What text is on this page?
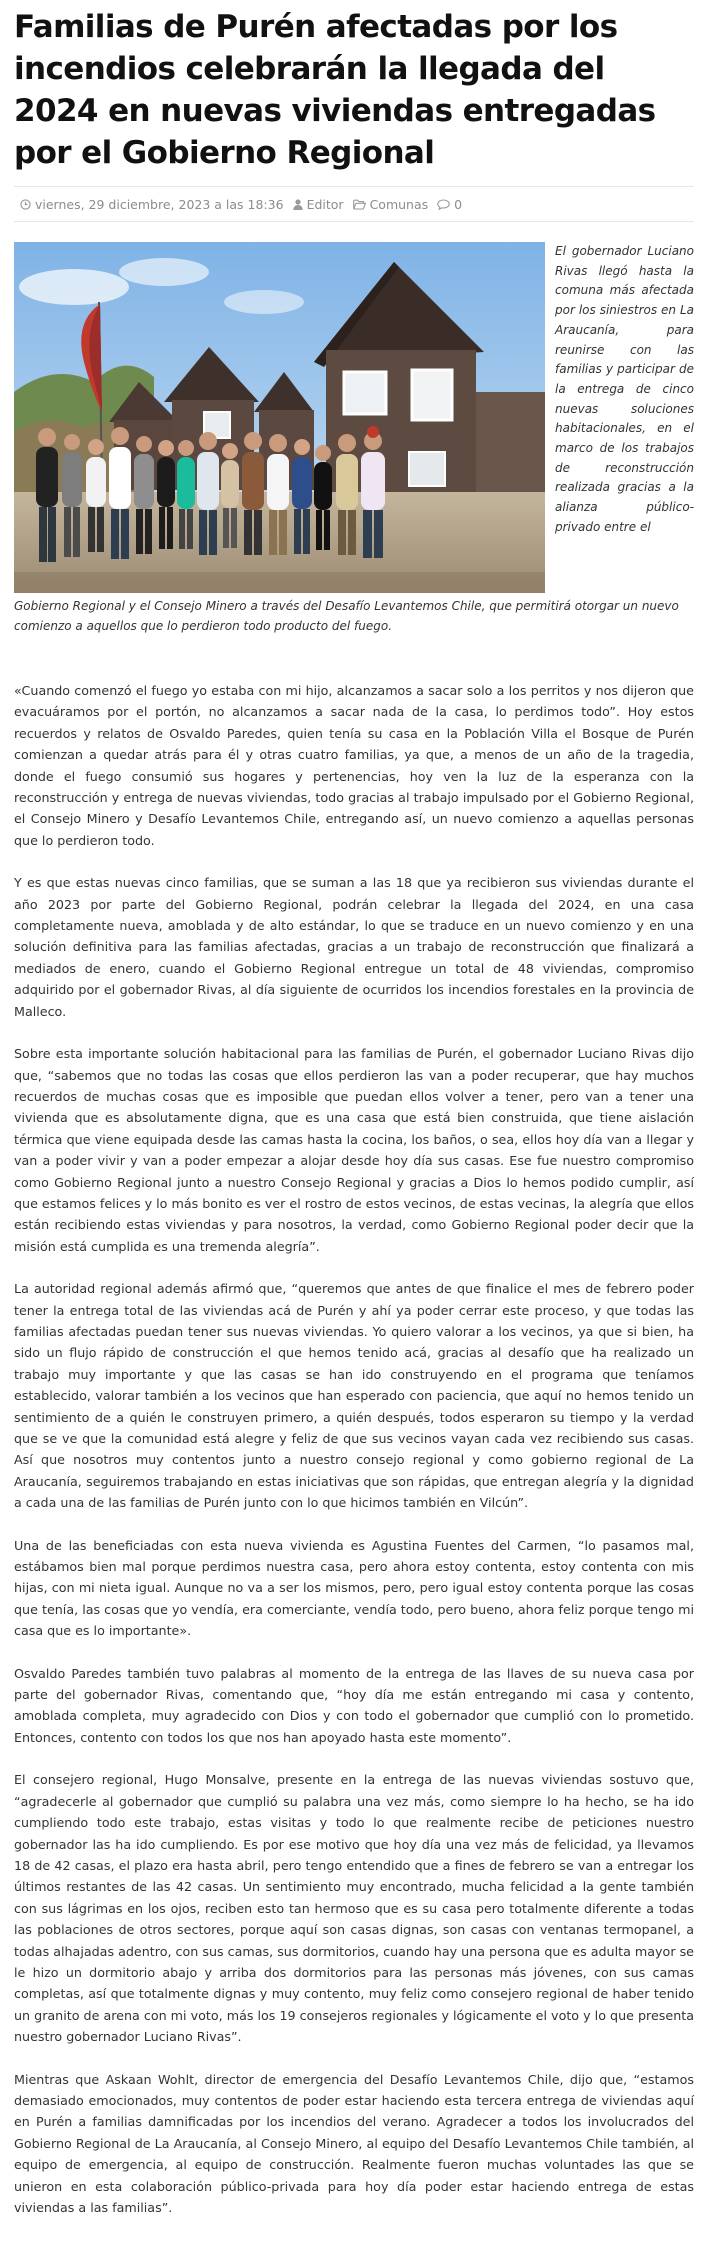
Familias de Purén afectadas por los incendios celebrarán la llegada del 2024 en nuevas viviendas entregadas por el Gobierno Regional
viernes, 29 diciembre, 2023 a las 18:36 Editor Comunas 0
El gobernador Luciano Rivas llegó hasta la comuna más afectada por los siniestros en La Araucanía, para reunirse con las familias y participar de la entrega de cinco nuevas soluciones habitacionales, en el marco de los trabajos de reconstrucción realizada gracias a la alianza público-privado entre el
Gobierno Regional y el Consejo Minero a través del Desafío Levantemos Chile, que permitirá otorgar un nuevo comienzo a aquellos que lo perdieron todo producto del fuego.

«Cuando comenzó el fuego yo estaba con mi hijo, alcanzamos a sacar solo a los perritos y nos dijeron que evacuáramos por el portón, no alcanzamos a sacar nada de la casa, lo perdimos todo”. Hoy estos recuerdos y relatos de Osvaldo Paredes, quien tenía su casa en la Población Villa el Bosque de Purén comienzan a quedar atrás para él y otras cuatro familias, ya que, a menos de un año de la tragedia, donde el fuego consumió sus hogares y pertenencias, hoy ven la luz de la esperanza con la reconstrucción y entrega de nuevas viviendas, todo gracias al trabajo impulsado por el Gobierno Regional, el Consejo Minero y Desafío Levantemos Chile, entregando así, un nuevo comienzo a aquellas personas que lo perdieron todo.

Y es que estas nuevas cinco familias, que se suman a las 18 que ya recibieron sus viviendas durante el año 2023 por parte del Gobierno Regional, podrán celebrar la llegada del 2024, en una casa completamente nueva, amoblada y de alto estándar, lo que se traduce en un nuevo comienzo y en una solución definitiva para las familias afectadas, gracias a un trabajo de reconstrucción que finalizará a mediados de enero, cuando el Gobierno Regional entregue un total de 48 viviendas, compromiso adquirido por el gobernador Rivas, al día siguiente de ocurridos los incendios forestales en la provincia de Malleco.

Sobre esta importante solución habitacional para las familias de Purén, el gobernador Luciano Rivas dijo que, “sabemos que no todas las cosas que ellos perdieron las van a poder recuperar, que hay muchos recuerdos de muchas cosas que es imposible que puedan ellos volver a tener, pero van a tener una vivienda que es absolutamente digna, que es una casa que está bien construida, que tiene aislación térmica que viene equipada desde las camas hasta la cocina, los baños, o sea, ellos hoy día van a llegar y van a poder vivir y van a poder empezar a alojar desde hoy día sus casas. Ese fue nuestro compromiso como Gobierno Regional junto a nuestro Consejo Regional y gracias a Dios lo hemos podido cumplir, así que estamos felices y lo más bonito es ver el rostro de estos vecinos, de estas vecinas, la alegría que ellos están recibiendo estas viviendas y para nosotros, la verdad, como Gobierno Regional poder decir que la misión está cumplida es una tremenda alegría”.

La autoridad regional además afirmó que, “queremos que antes de que finalice el mes de febrero poder tener la entrega total de las viviendas acá de Purén y ahí ya poder cerrar este proceso, y que todas las familias afectadas puedan tener sus nuevas viviendas. Yo quiero valorar a los vecinos, ya que si bien, ha sido un flujo rápido de construcción el que hemos tenido acá, gracias al desafío que ha realizado un trabajo muy importante y que las casas se han ido construyendo en el programa que teníamos establecido, valorar también a los vecinos que han esperado con paciencia, que aquí no hemos tenido un sentimiento de a quién le construyen primero, a quién después, todos esperaron su tiempo y la verdad que se ve que la comunidad está alegre y feliz de que sus vecinos vayan cada vez recibiendo sus casas. Así que nosotros muy contentos junto a nuestro consejo regional y como gobierno regional de La Araucanía, seguiremos trabajando en estas iniciativas que son rápidas, que entregan alegría y la dignidad a cada una de las familias de Purén junto con lo que hicimos también en Vilcún”.

Una de las beneficiadas con esta nueva vivienda es Agustina Fuentes del Carmen, “lo pasamos mal, estábamos bien mal porque perdimos nuestra casa, pero ahora estoy contenta, estoy contenta con mis hijas, con mi nieta igual. Aunque no va a ser los mismos, pero, pero igual estoy contenta porque las cosas que tenía, las cosas que yo vendía, era comerciante, vendía todo, pero bueno, ahora feliz porque tengo mi casa que es lo importante».

Osvaldo Paredes también tuvo palabras al momento de la entrega de las llaves de su nueva casa por parte del gobernador Rivas, comentando que, “hoy día me están entregando mi casa y contento, amoblada completa, muy agradecido con Dios y con todo el gobernador que cumplió con lo prometido. Entonces, contento con todos los que nos han apoyado hasta este momento”.

El consejero regional, Hugo Monsalve, presente en la entrega de las nuevas viviendas sostuvo que, “agradecerle al gobernador que cumplió su palabra una vez más, como siempre lo ha hecho, se ha ido cumpliendo todo este trabajo, estas visitas y todo lo que realmente recibe de peticiones nuestro gobernador las ha ido cumpliendo. Es por ese motivo que hoy día una vez más de felicidad, ya llevamos 18 de 42 casas, el plazo era hasta abril, pero tengo entendido que a fines de febrero se van a entregar los últimos restantes de las 42 casas. Un sentimiento muy encontrado, mucha felicidad a la gente también con sus lágrimas en los ojos, reciben esto tan hermoso que es su casa pero totalmente diferente a todas las poblaciones de otros sectores, porque aquí son casas dignas, son casas con ventanas termopanel, a todas alhajadas adentro, con sus camas, sus dormitorios, cuando hay una persona que es adulta mayor se le hizo un dormitorio abajo y arriba dos dormitorios para las personas más jóvenes, con sus camas completas, así que totalmente dignas y muy contento, muy feliz como consejero regional de haber tenido un granito de arena con mi voto, más los 19 consejeros regionales y lógicamente el voto y lo que presenta nuestro gobernador Luciano Rivas”.

Mientras que Askaan Wohlt, director de emergencia del Desafío Levantemos Chile, dijo que, “estamos demasiado emocionados, muy contentos de poder estar haciendo esta tercera entrega de viviendas aquí en Purén a familias damnificadas por los incendios del verano. Agradecer a todos los involucrados del Gobierno Regional de La Araucanía, al Consejo Minero, al equipo del Desafío Levantemos Chile también, al equipo de emergencia, al equipo de construcción. Realmente fueron muchas voluntades las que se unieron en esta colaboración público-privada para hoy día poder estar haciendo entrega de estas viviendas a las familias”.
